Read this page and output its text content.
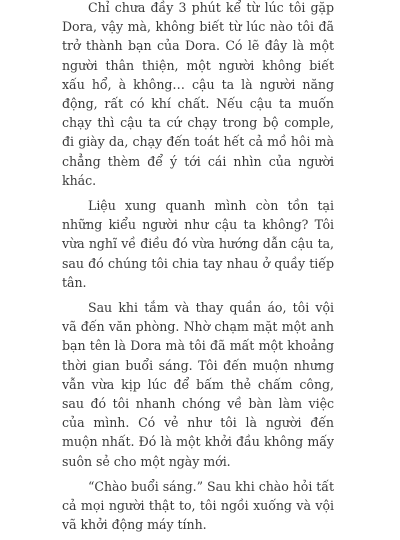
Chỉ chưa đầy 3 phút kể từ lúc tôi gặp Dora, vậy mà, không biết từ lúc nào tôi đã trở thành bạn của Dora. Có lẽ đây là một người thân thiện, một người không biết xấu hổ, à không… cậu ta là người năng động, rất có khí chất. Nếu cậu ta muốn chạy thì cậu ta cứ chạy trong bộ comple, đi giày da, chạy đến toát hết cả mồ hôi mà chẳng thèm để ý tới cái nhìn của người khác.

Liệu xung quanh mình còn tồn tại những kiểu người như cậu ta không? Tôi vừa nghĩ về điều đó vừa hướng dẫn cậu ta, sau đó chúng tôi chia tay nhau ở quầy tiếp tân.

Sau khi tắm và thay quần áo, tôi vội vã đến văn phòng. Nhờ chạm mặt một anh bạn tên là Dora mà tôi đã mất một khoảng thời gian buổi sáng. Tôi đến muộn nhưng vẫn vừa kịp lúc để bấm thẻ chấm công, sau đó tôi nhanh chóng về bàn làm việc của mình. Có vẻ như tôi là người đến muộn nhất. Đó là một khởi đầu không mấy suôn sẻ cho một ngày mới.

“Chào buổi sáng.” Sau khi chào hỏi tất cả mọi người thật to, tôi ngồi xuống và vội vã khởi động máy tính.
